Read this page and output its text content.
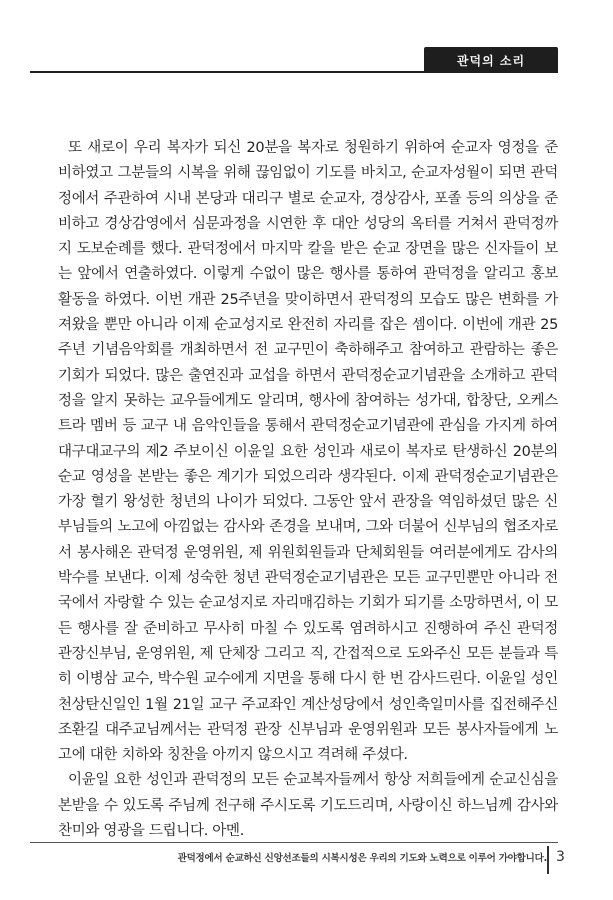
관덕의 소리

또 새로이 우리 복자가 되신 20분을 복자로 청원하기 위하여 순교자 영정을 준비하였고 그분들의 시복을 위해 끊임없이 기도를 바치고, 순교자성월이 되면 관덕정에서 주관하여 시내 본당과 대리구 별로 순교자, 경상감사, 포졸 등의 의상을 준비하고 경상감영에서 심문과정을 시연한 후 대안 성당의 옥터를 거쳐서 관덕정까지 도보순례를 했다. 관덕정에서 마지막 칼을 받은 순교 장면을 많은 신자들이 보는 앞에서 연출하였다. 이렇게 수없이 많은 행사를 통하여 관덕정을 알리고 홍보 활동을 하였다. 이번 개관 25주년을 맞이하면서 관덕정의 모습도 많은 변화를 가져왔을 뿐만 아니라 이제 순교성지로 완전히 자리를 잡은 셈이다. 이번에 개관 25주년 기념음악회를 개최하면서 전 교구민이 축하해주고 참여하고 관람하는 좋은 기회가 되었다. 많은 출연진과 교섭을 하면서 관덕정순교기념관을 소개하고 관덕정을 알지 못하는 교우들에게도 알리며, 행사에 참여하는 성가대, 합창단, 오케스트라 멤버 등 교구 내 음악인들을 통해서 관덕정순교기념관에 관심을 가지게 하여 대구대교구의 제2 주보이신 이윤일 요한 성인과 새로이 복자로 탄생하신 20분의 순교 영성을 본받는 좋은 계기가 되었으리라 생각된다. 이제 관덕정순교기념관은 가장 혈기 왕성한 청년의 나이가 되었다. 그동안 앞서 관장을 역임하셨던 많은 신부님들의 노고에 아낌없는 감사와 존경을 보내며, 그와 더불어 신부님의 협조자로서 봉사해온 관덕정 운영위원, 제 위원회원들과 단체회원들 여러분에게도 감사의 박수를 보낸다. 이제 성숙한 청년 관덕정순교기념관은 모든 교구민뿐만 아니라 전국에서 자랑할 수 있는 순교성지로 자리매김하는 기회가 되기를 소망하면서, 이 모든 행사를 잘 준비하고 무사히 마칠 수 있도록 염려하시고 진행하여 주신 관덕정 관장신부님, 운영위원, 제 단체장 그리고 직, 간접적으로 도와주신 모든 분들과 특히 이병삼 교수, 박수원 교수에게 지면을 통해 다시 한 번 감사드린다. 이윤일 성인 천상탄신일인 1월 21일 교구 주교좌인 계산성당에서 성인축일미사를 집전해주신 조환길 대주교님께서는 관덕정 관장 신부님과 운영위원과 모든 봉사자들에게 노고에 대한 치하와 칭찬을 아끼지 않으시고 격려해 주셨다.

이윤일 요한 성인과 관덕정의 모든 순교복자들께서 항상 저희들에게 순교신심을 본받을 수 있도록 주님께 전구해 주시도록 기도드리며, 사랑이신 하느님께 감사와 찬미와 영광을 드립니다. 아멘.

관덕정에서 순교하신 신앙선조들의 시복시성은 우리의 기도와 노력으로 이루어 가야합니다. 3
